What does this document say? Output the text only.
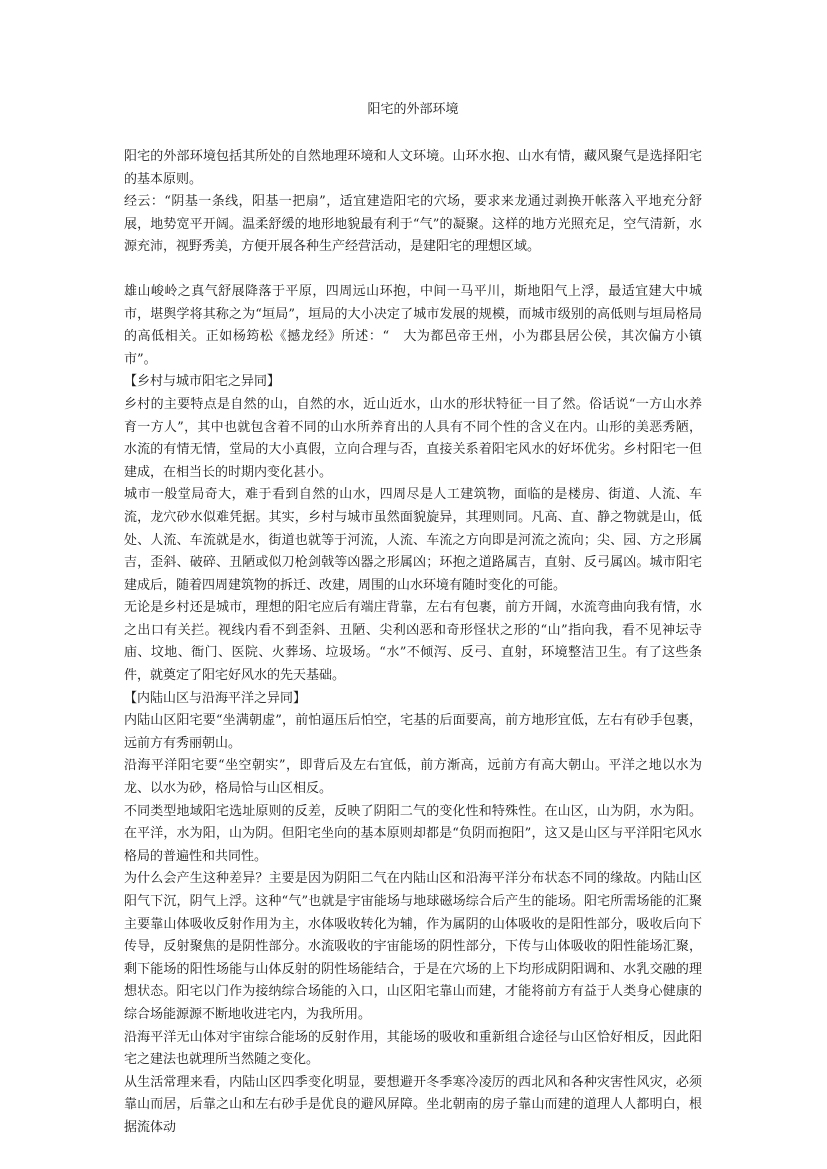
阳宅的外部环境

阳宅的外部环境包括其所处的自然地理环境和人文环境。山环水抱、山水有情，藏风聚气是选择阳宅的基本原则。

经云：“阴基一条线，阳基一把扇”，适宜建造阳宅的穴场，要求来龙通过剥换开帐落入平地充分舒展，地势宽平开阔。温柔舒缓的地形地貌最有利于“气”的凝聚。这样的地方光照充足，空气清新，水源充沛，视野秀美，方便开展各种生产经营活动，是建阳宅的理想区域。

雄山峻岭之真气舒展降落于平原，四周远山环抱，中间一马平川，斯地阳气上浮，最适宜建大中城市，堪舆学将其称之为“垣局”，垣局的大小决定了城市发展的规模，而城市级别的高低则与垣局格局的高低相关。正如杨筠松《撼龙经》所述：“　大为都邑帝王州，小为郡县居公侯，其次偏方小镇市”。

【乡村与城市阳宅之异同】

乡村的主要特点是自然的山，自然的水，近山近水，山水的形状特征一目了然。俗话说“一方山水养育一方人”，其中也就包含着不同的山水所养育出的人具有不同个性的含义在内。山形的美恶秀陋，水流的有情无情，堂局的大小真假，立向合理与否，直接关系着阳宅风水的好坏优劣。乡村阳宅一但建成，在相当长的时期内变化甚小。

城市一般堂局奇大，难于看到自然的山水，四周尽是人工建筑物，面临的是楼房、街道、人流、车流，龙穴砂水似难凭据。其实，乡村与城市虽然面貌旋异，其理则同。凡高、直、静之物就是山，低处、人流、车流就是水，街道也就等于河流，人流、车流之方向即是河流之流向；尖、园、方之形属吉，歪斜、破碎、丑陋或似刀枪剑戟等凶器之形属凶；环抱之道路属吉，直射、反弓属凶。城市阳宅建成后，随着四周建筑物的拆迁、改建，周围的山水环境有随时变化的可能。

无论是乡村还是城市，理想的阳宅应后有端庄背靠，左右有包裹，前方开阔，水流弯曲向我有情，水之出口有关拦。视线内看不到歪斜、丑陋、尖利凶恶和奇形怪状之形的“山”指向我，看不见神坛寺庙、坟地、衙门、医院、火葬场、垃圾场。“水”不倾泻、反弓、直射，环境整洁卫生。有了这些条件，就奠定了阳宅好风水的先天基础。

【内陆山区与沿海平洋之异同】

内陆山区阳宅要“坐满朝虚”，前怕逼压后怕空，宅基的后面要高，前方地形宜低，左右有砂手包裹，远前方有秀丽朝山。

沿海平洋阳宅要“坐空朝实”，即背后及左右宜低，前方渐高，远前方有高大朝山。平洋之地以水为龙、以水为砂，格局恰与山区相反。

不同类型地域阳宅选址原则的反差，反映了阴阳二气的变化性和特殊性。在山区，山为阴，水为阳。在平洋，水为阳，山为阴。但阳宅坐向的基本原则却都是“负阴而抱阳”，这又是山区与平洋阳宅风水格局的普遍性和共同性。

为什么会产生这种差异？主要是因为阴阳二气在内陆山区和沿海平洋分布状态不同的缘故。内陆山区阳气下沉，阴气上浮。这种“气”也就是宇宙能场与地球磁场综合后产生的能场。阳宅所需场能的汇聚主要靠山体吸收反射作用为主，水体吸收转化为辅，作为属阴的山体吸收的是阳性部分，吸收后向下传导，反射聚焦的是阴性部分。水流吸收的宇宙能场的阴性部分，下传与山体吸收的阳性能场汇聚，剩下能场的阳性场能与山体反射的阴性场能结合，于是在穴场的上下均形成阴阳调和、水乳交融的理想状态。阳宅以门作为接纳综合场能的入口，山区阳宅靠山而建，才能将前方有益于人类身心健康的综合场能源源不断地收进宅内，为我所用。

沿海平洋无山体对宇宙综合能场的反射作用，其能场的吸收和重新组合途径与山区恰好相反，因此阳宅之建法也就理所当然随之变化。

从生活常理来看，内陆山区四季变化明显，要想避开冬季寒冷凌厉的西北风和各种灾害性风灾，必须靠山而居，后靠之山和左右砂手是优良的避风屏障。坐北朝南的房子靠山而建的道理人人都明白，根据流体动
